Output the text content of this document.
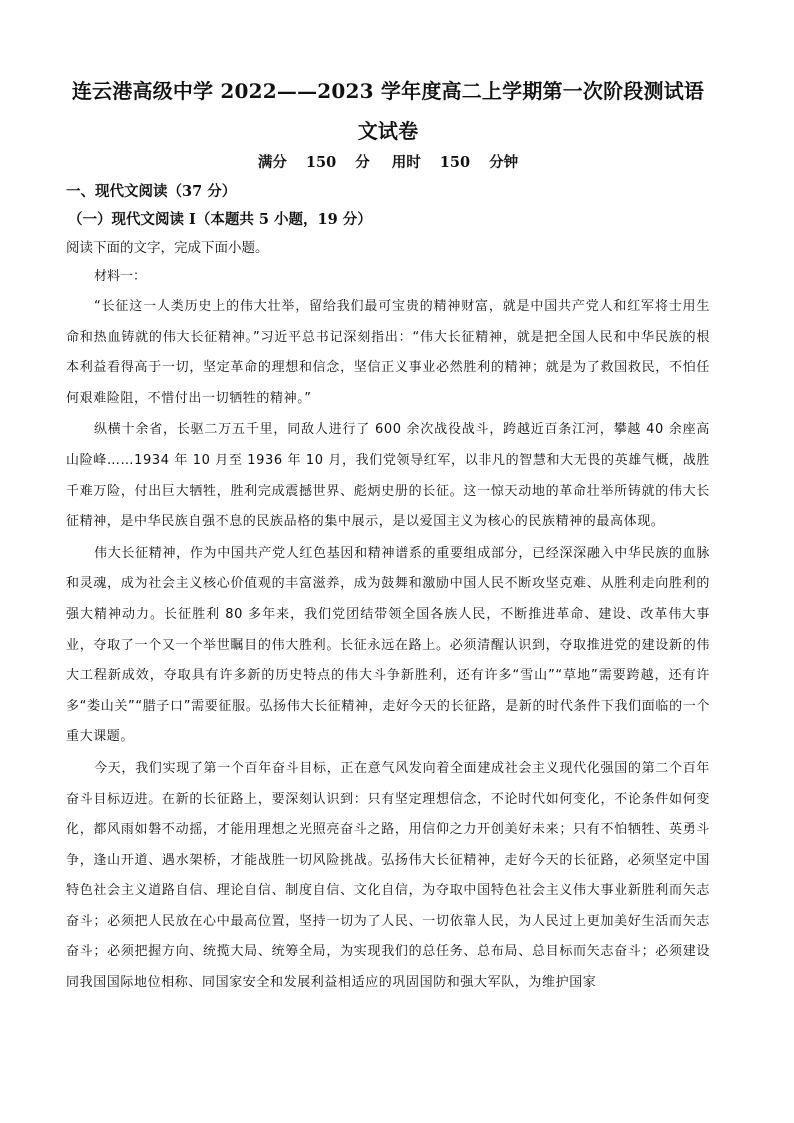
连云港高级中学 2022——2023 学年度高二上学期第一次阶段测试语
文试卷
满分 150 分 用时 150 分钟
一、现代文阅读（37 分）
（一）现代文阅读 I（本题共 5 小题，19 分）
阅读下面的文字，完成下面小题。
材料一：

“长征这一人类历史上的伟大壮举，留给我们最可宝贵的精神财富，就是中国共产党人和红军将士用生命和热血铸就的伟大长征精神。”习近平总书记深刻指出：“伟大长征精神，就是把全国人民和中华民族的根本利益看得高于一切，坚定革命的理想和信念，坚信正义事业必然胜利的精神；就是为了救国救民，不怕任何艰难险阻，不惜付出一切牺牲的精神。”

纵横十余省，长驱二万五千里，同敌人进行了 600 余次战役战斗，跨越近百条江河，攀越 40 余座高山险峰……1934 年 10 月至 1936 年 10 月，我们党领导红军，以非凡的智慧和大无畏的英雄气概，战胜千难万险，付出巨大牺牲，胜利完成震撼世界、彪炳史册的长征。这一惊天动地的革命壮举所铸就的伟大长征精神，是中华民族自强不息的民族品格的集中展示，是以爱国主义为核心的民族精神的最高体现。

伟大长征精神，作为中国共产党人红色基因和精神谱系的重要组成部分，已经深深融入中华民族的血脉和灵魂，成为社会主义核心价值观的丰富滋养，成为鼓舞和激励中国人民不断攻坚克难、从胜利走向胜利的强大精神动力。长征胜利 80 多年来，我们党团结带领全国各族人民，不断推进革命、建设、改革伟大事业，夺取了一个又一个举世瞩目的伟大胜利。长征永远在路上。必须清醒认识到，夺取推进党的建设新的伟大工程新成效，夺取具有许多新的历史特点的伟大斗争新胜利，还有许多“雪山”“草地”需要跨越，还有许多“娄山关”“腊子口”需要征服。弘扬伟大长征精神，走好今天的长征路，是新的时代条件下我们面临的一个重大课题。

今天，我们实现了第一个百年奋斗目标，正在意气风发向着全面建成社会主义现代化强国的第二个百年奋斗目标迈进。在新的长征路上，要深刻认识到：只有坚定理想信念，不论时代如何变化，不论条件如何变化，都风雨如磐不动摇，才能用理想之光照亮奋斗之路，用信仰之力开创美好未来；只有不怕牺牲、英勇斗争，逢山开道、遇水架桥，才能战胜一切风险挑战。弘扬伟大长征精神，走好今天的长征路，必须坚定中国特色社会主义道路自信、理论自信、制度自信、文化自信，为夺取中国特色社会主义伟大事业新胜利而矢志奋斗；必须把人民放在心中最高位置，坚持一切为了人民、一切依靠人民，为人民过上更加美好生活而矢志奋斗；必须把握方向、统揽大局、统筹全局，为实现我们的总任务、总布局、总目标而矢志奋斗；必须建设同我国国际地位相称、同国家安全和发展利益相适应的巩固国防和强大军队，为维护国家
